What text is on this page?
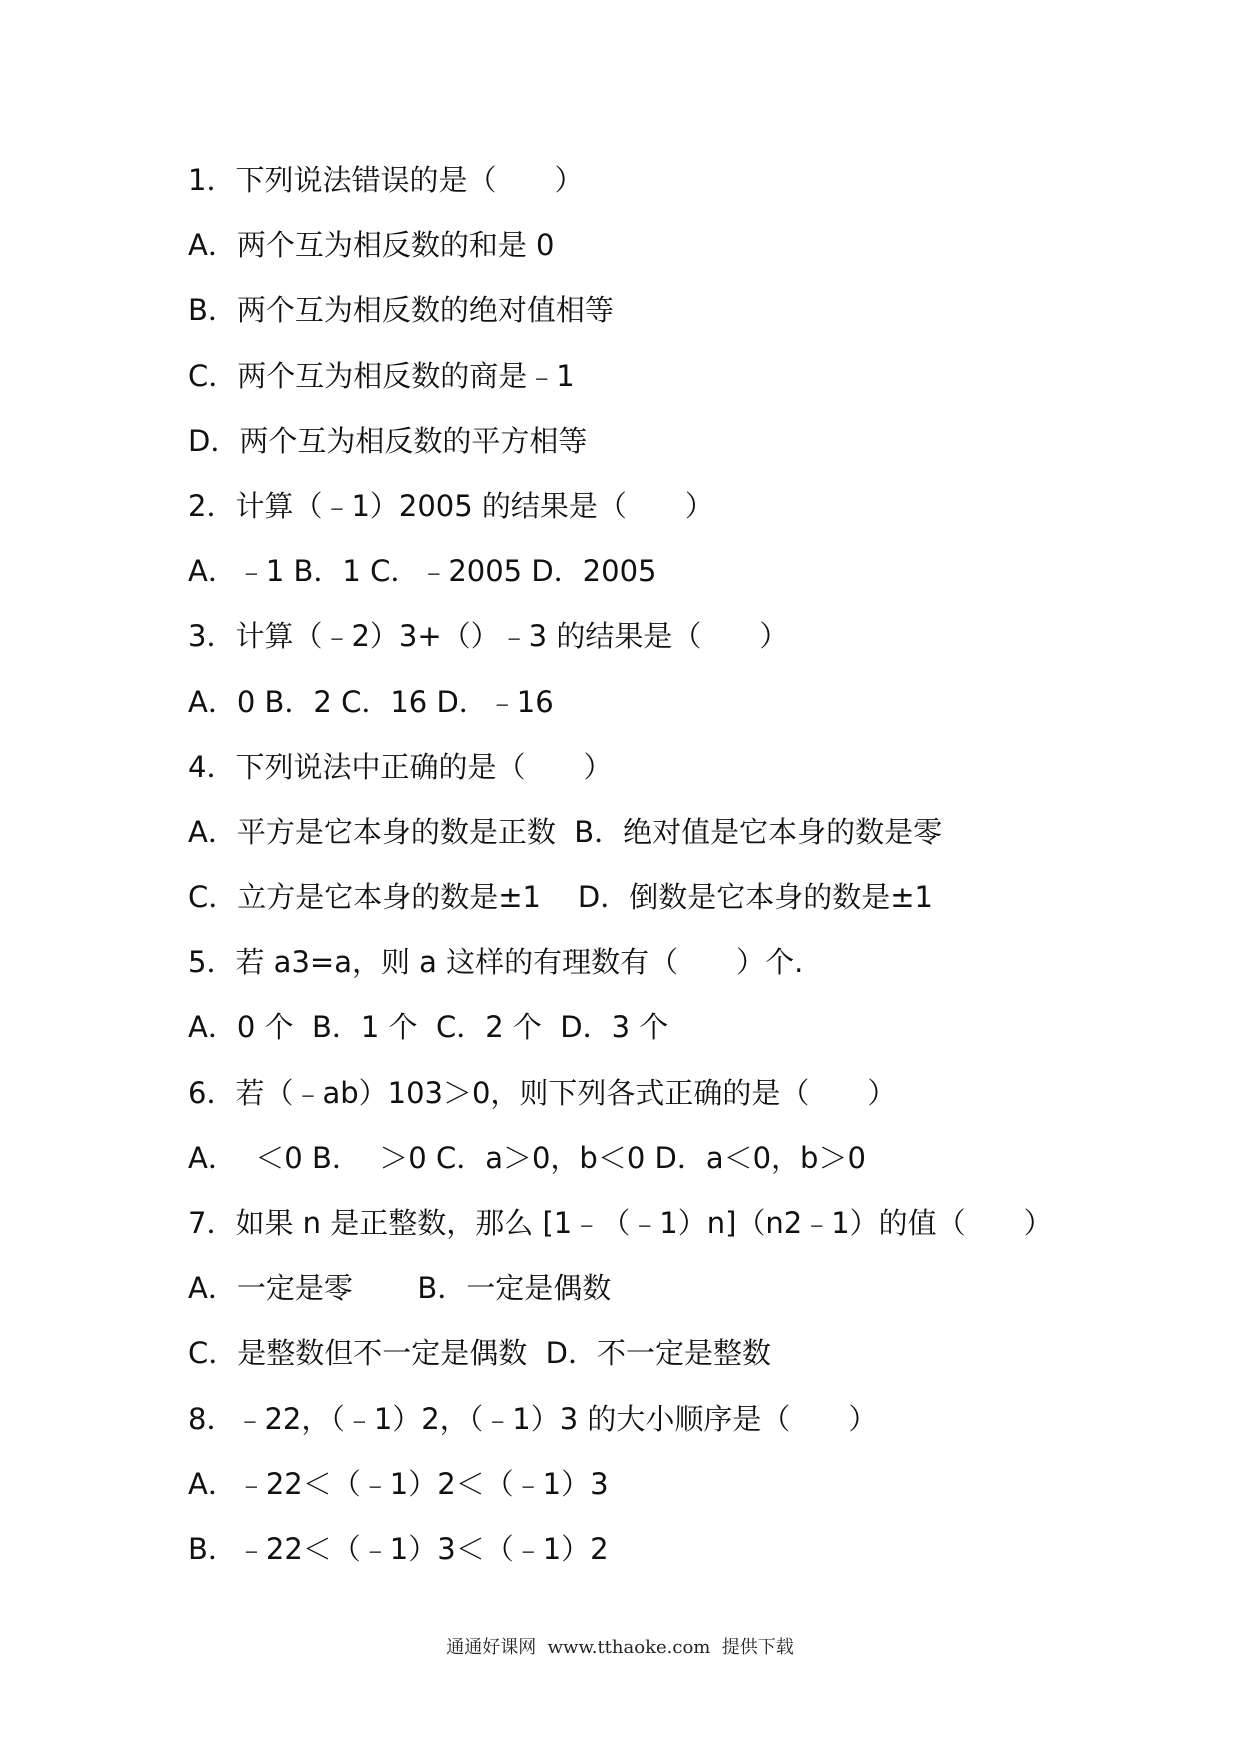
1．下列说法错误的是（　　）
A．两个互为相反数的和是 0
B．两个互为相反数的绝对值相等
C．两个互为相反数的商是﹣1
D．两个互为相反数的平方相等
2．计算（﹣1）2005 的结果是（　　）
A．﹣1 B．1 C．﹣2005 D．2005
3．计算（﹣2）3+（）﹣3 的结果是（　　）
A．0 B．2 C．16 D．﹣16
4．下列说法中正确的是（　　）
A．平方是它本身的数是正数  B．绝对值是它本身的数是零
C．立方是它本身的数是±1    D．倒数是它本身的数是±1
5．若 a3=a，则 a 这样的有理数有（　　）个.
A．0 个  B．1 个  C．2 个  D．3 个
6．若（﹣ab）103＞0，则下列各式正确的是（　　）
A．  ＜0 B．  ＞0 C．a＞0，b＜0 D．a＜0，b＞0
7．如果 n 是正整数，那么 [1﹣（﹣1）n]（n2﹣1）的值（　　）
A．一定是零       B．一定是偶数
C．是整数但不一定是偶数  D．不一定是整数
8．﹣22，（﹣1）2，（﹣1）3 的大小顺序是（　　）
A．﹣22＜（﹣1）2＜（﹣1）3
B．﹣22＜（﹣1）3＜（﹣1）2
通通好课网  www.tthaoke.com  提供下载
